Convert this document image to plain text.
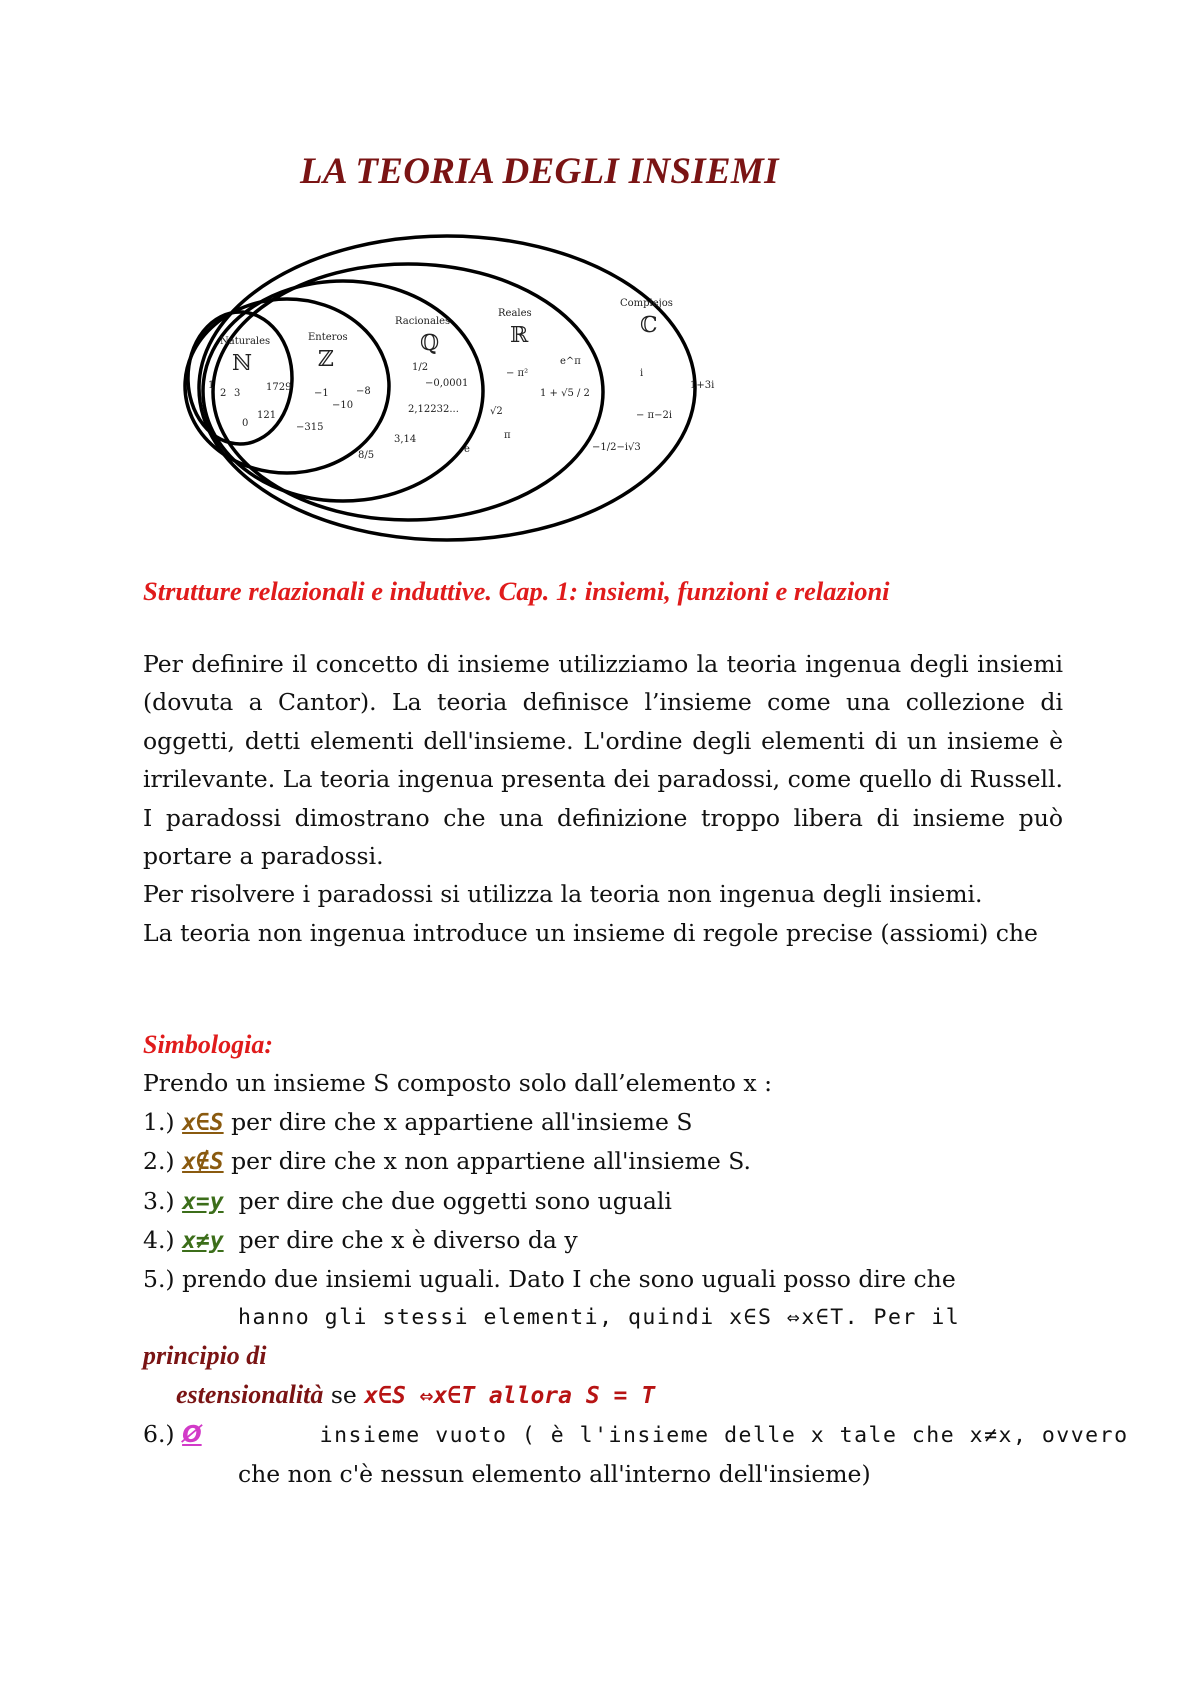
LA TEORIA DEGLI INSIEMI
Naturales
ℕ
1
2 3
0
1729
121
Enteros
ℤ
−1	−8
−10
−315
Racionales
ℚ
1/2
−0,0001
2,12232...
3,14
8/5
Reales
ℝ
− π²
e^π
1 + √5 / 2
√2
π
e
Complejos
ℂ
i
1+3i
− π−2i
−1/2−i√3
Strutture relazionali e induttive. Cap. 1: insiemi, funzioni e relazioni

Per definire il concetto di insieme utilizziamo la teoria ingenua degli insiemi (dovuta a Cantor). La teoria definisce l’insieme come una collezione di oggetti, detti elementi dell'insieme. L'ordine degli elementi di un insieme è irrilevante. La teoria ingenua presenta dei paradossi, come quello di Russell. I paradossi dimostrano che una definizione troppo libera di insieme può portare a paradossi.

Per risolvere i paradossi si utilizza la teoria non ingenua degli insiemi.

La teoria non ingenua introduce un insieme di regole precise (assiomi) che

Simbologia:
Prendo un insieme S composto solo dall’elemento x :
1.) x∈S per dire che x appartiene all'insieme S
2.) x∉S per dire che x non appartiene all'insieme S.
3.) x=y  per dire che due oggetti sono uguali
4.) x≠y  per dire che x è diverso da y
5.) prendo due insiemi uguali. Dato I che sono uguali posso dire che
hanno gli stessi elementi, quindi x∈S ⇔x∈T. Per il
principio di
estensionalità se x∈S ⇔x∈T allora S = T
6.) Ø	insieme vuoto ( è l'insieme delle x tale che x≠x, ovvero
che non c'è nessun elemento all'interno dell'insieme)
